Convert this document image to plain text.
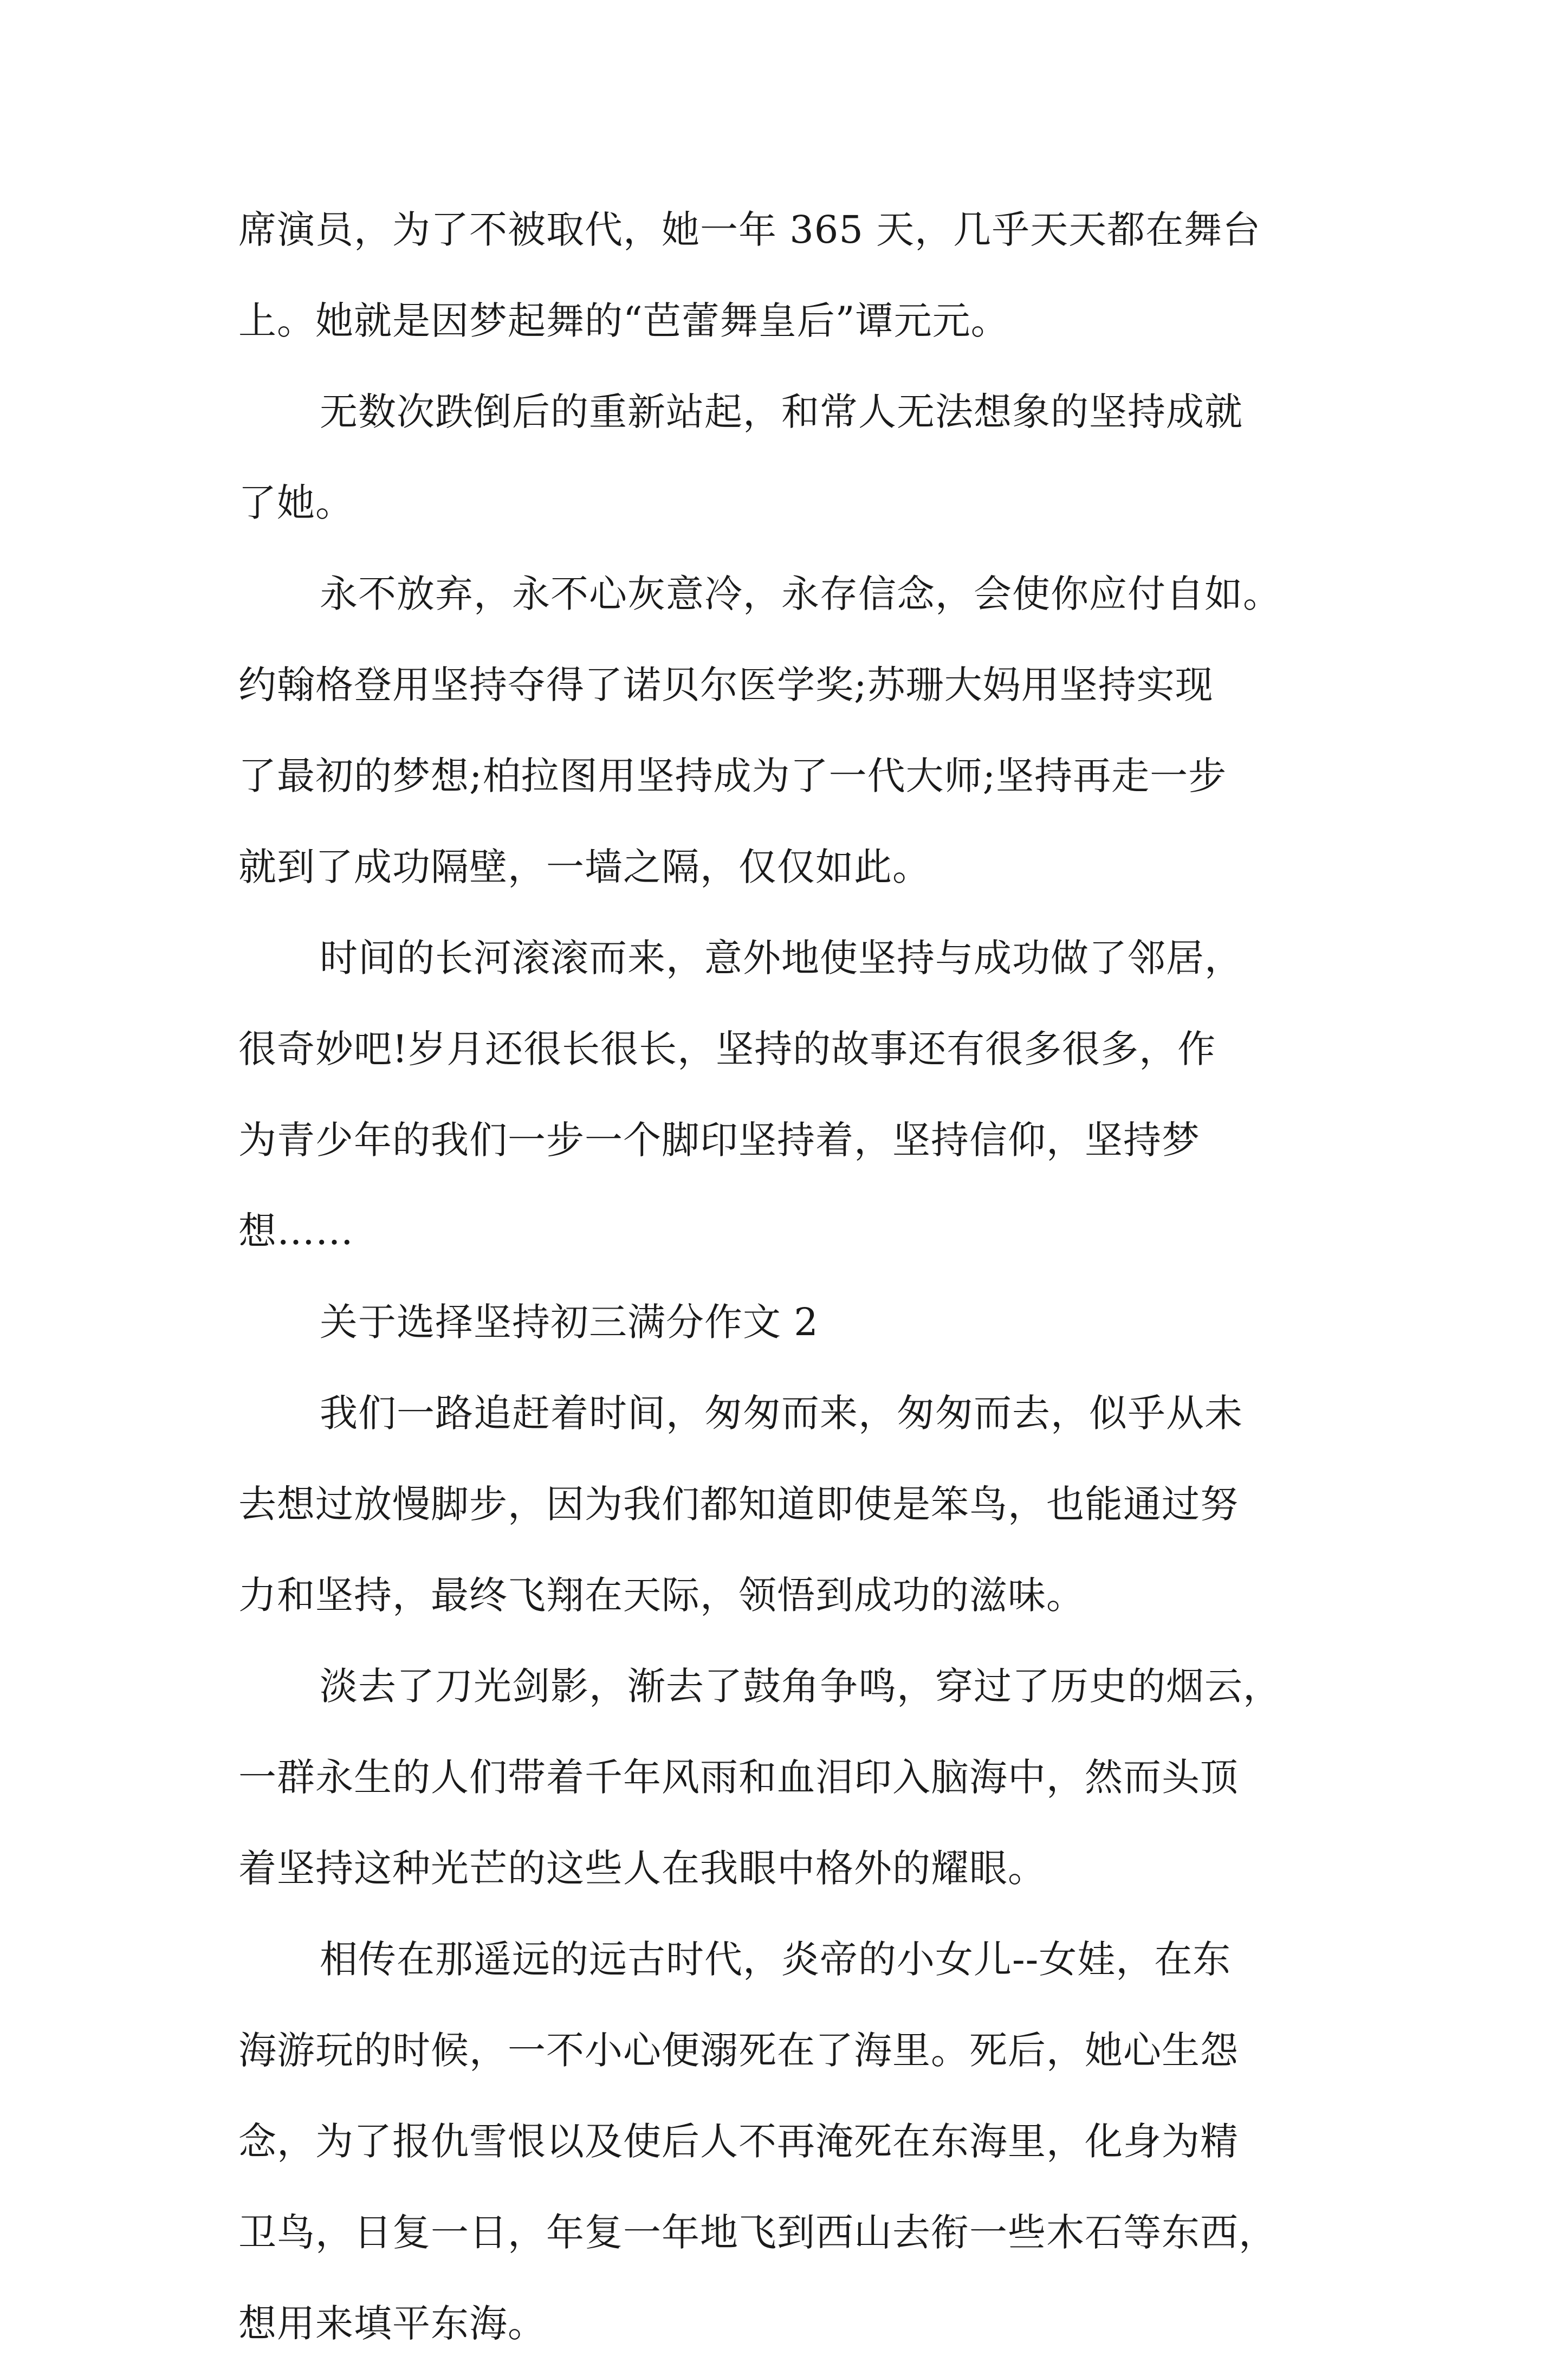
席演员，为了不被取代，她一年 365 天，几乎天天都在舞台
上。她就是因梦起舞的“芭蕾舞皇后”谭元元。
无数次跌倒后的重新站起，和常人无法想象的坚持成就
了她。
永不放弃，永不心灰意冷，永存信念，会使你应付自如。
约翰格登用坚持夺得了诺贝尔医学奖;苏珊大妈用坚持实现
了最初的梦想;柏拉图用坚持成为了一代大师;坚持再走一步
就到了成功隔壁，一墙之隔，仅仅如此。
时间的长河滚滚而来，意外地使坚持与成功做了邻居，
很奇妙吧!岁月还很长很长，坚持的故事还有很多很多，作
为青少年的我们一步一个脚印坚持着，坚持信仰，坚持梦
想……
关于选择坚持初三满分作文 2
我们一路追赶着时间，匆匆而来，匆匆而去，似乎从未
去想过放慢脚步，因为我们都知道即使是笨鸟，也能通过努
力和坚持，最终飞翔在天际，领悟到成功的滋味。
淡去了刀光剑影，渐去了鼓角争鸣，穿过了历史的烟云，
一群永生的人们带着千年风雨和血泪印入脑海中，然而头顶
着坚持这种光芒的这些人在我眼中格外的耀眼。
相传在那遥远的远古时代，炎帝的小女儿--女娃，在东
海游玩的时候，一不小心便溺死在了海里。死后，她心生怨
念，为了报仇雪恨以及使后人不再淹死在东海里，化身为精
卫鸟，日复一日，年复一年地飞到西山去衔一些木石等东西，
想用来填平东海。
